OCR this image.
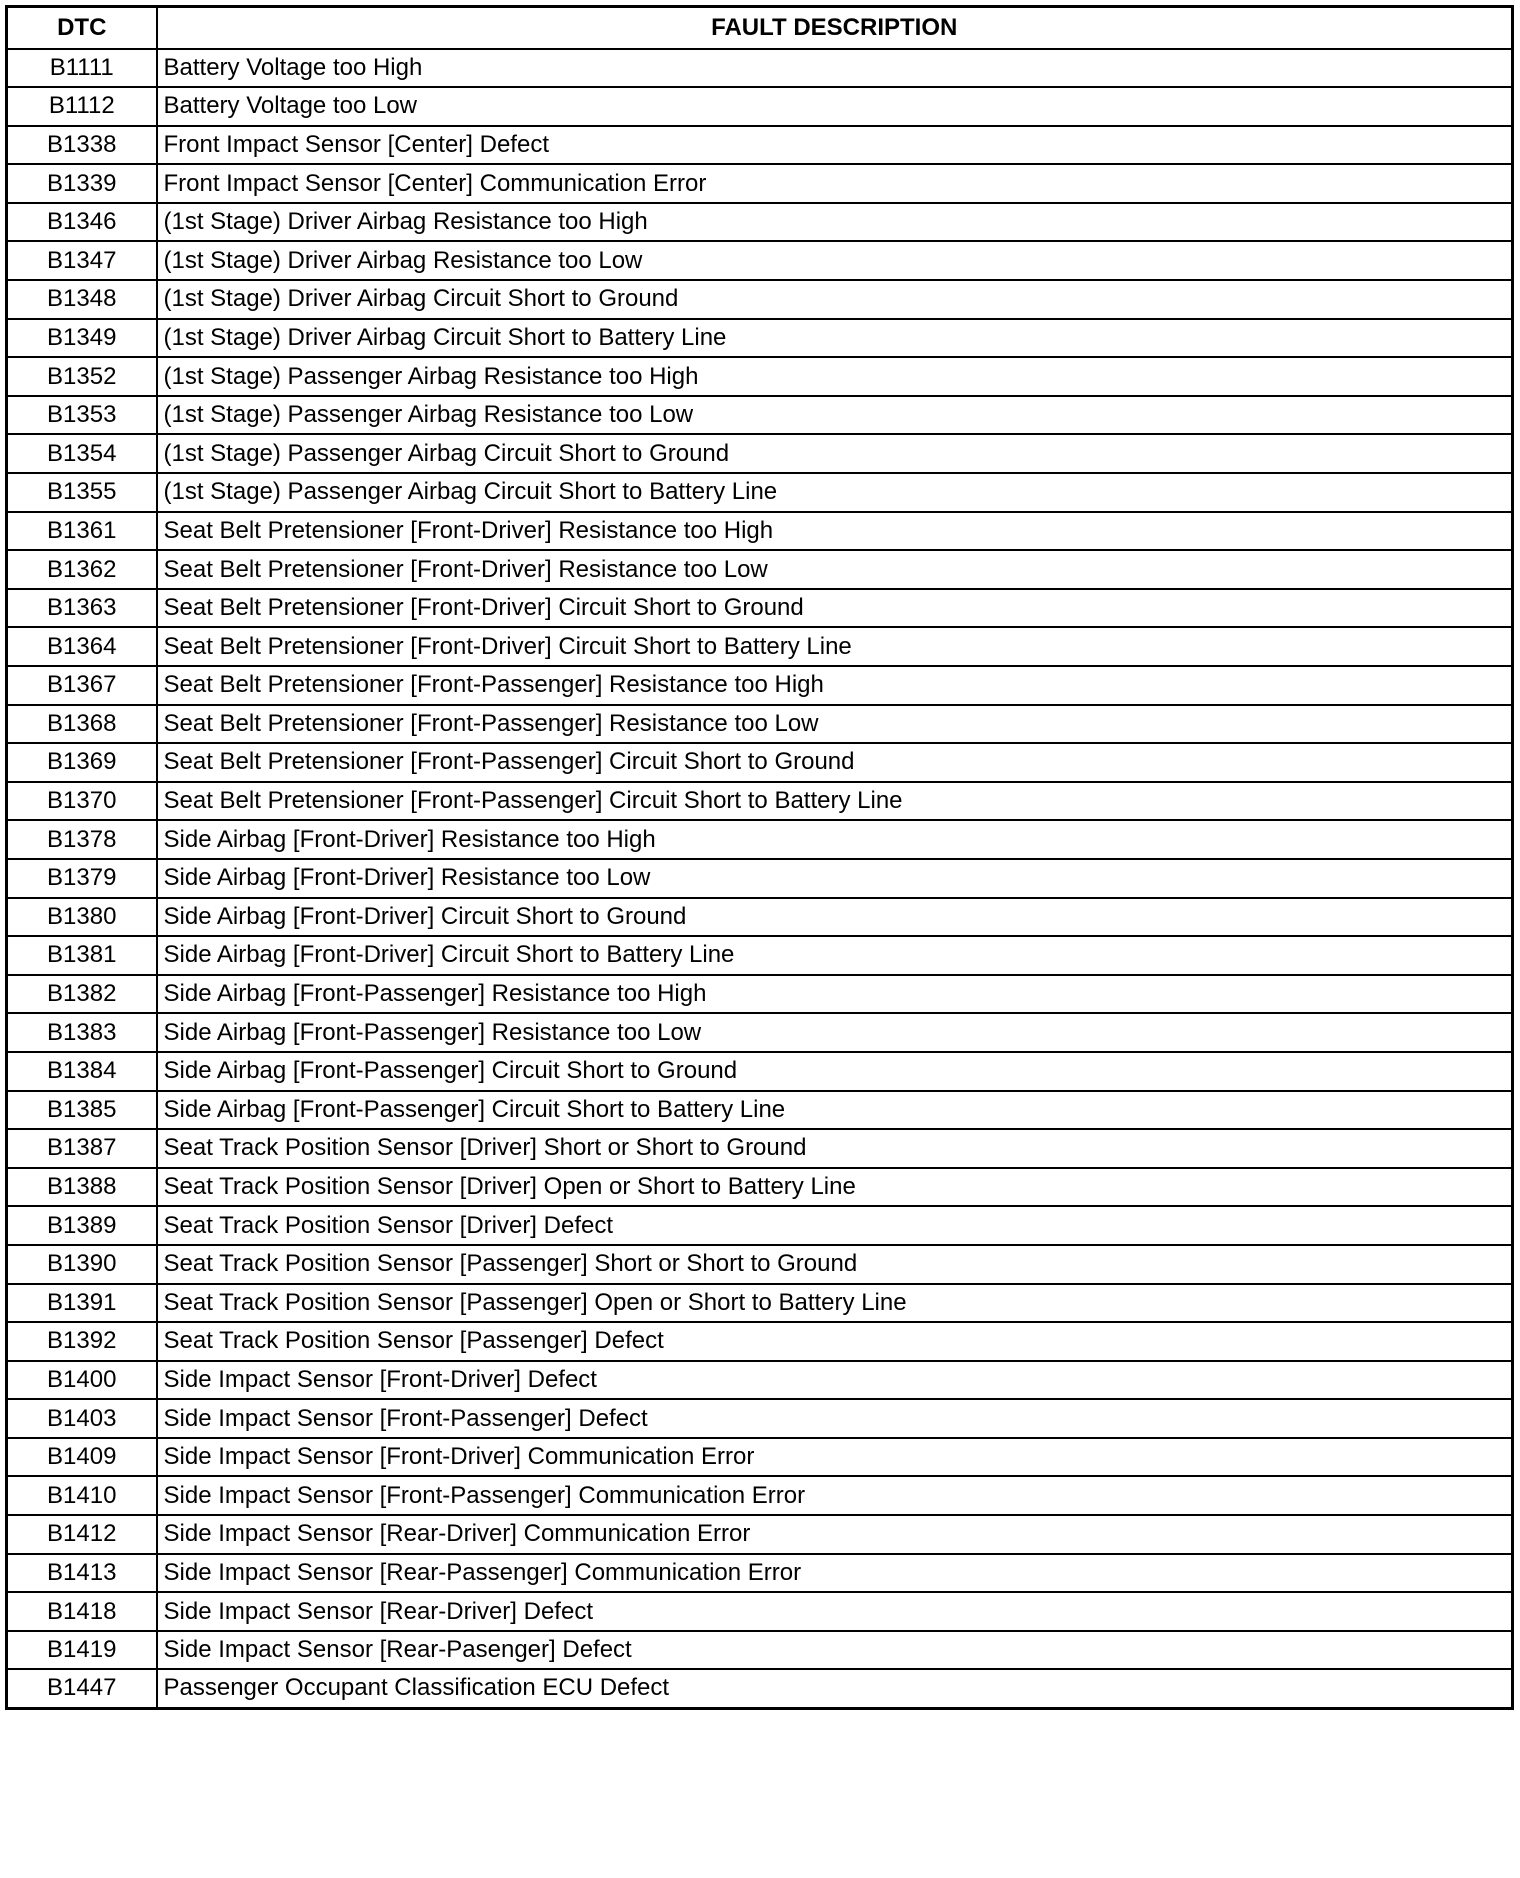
DTC	FAULT DESCRIPTION
B1111	Battery Voltage too High
B1112	Battery Voltage too Low
B1338	Front Impact Sensor [Center] Defect
B1339	Front Impact Sensor [Center] Communication Error
B1346	(1st Stage) Driver Airbag Resistance too High
B1347	(1st Stage) Driver Airbag Resistance too Low
B1348	(1st Stage) Driver Airbag Circuit Short to Ground
B1349	(1st Stage) Driver Airbag Circuit Short to Battery Line
B1352	(1st Stage) Passenger Airbag Resistance too High
B1353	(1st Stage) Passenger Airbag Resistance too Low
B1354	(1st Stage) Passenger Airbag Circuit Short to Ground
B1355	(1st Stage) Passenger Airbag Circuit Short to Battery Line
B1361	Seat Belt Pretensioner [Front-Driver] Resistance too High
B1362	Seat Belt Pretensioner [Front-Driver] Resistance too Low
B1363	Seat Belt Pretensioner [Front-Driver] Circuit Short to Ground
B1364	Seat Belt Pretensioner [Front-Driver] Circuit Short to Battery Line
B1367	Seat Belt Pretensioner [Front-Passenger] Resistance too High
B1368	Seat Belt Pretensioner [Front-Passenger] Resistance too Low
B1369	Seat Belt Pretensioner [Front-Passenger] Circuit Short to Ground
B1370	Seat Belt Pretensioner [Front-Passenger] Circuit Short to Battery Line
B1378	Side Airbag [Front-Driver] Resistance too High
B1379	Side Airbag [Front-Driver] Resistance too Low
B1380	Side Airbag [Front-Driver] Circuit Short to Ground
B1381	Side Airbag [Front-Driver] Circuit Short to Battery Line
B1382	Side Airbag [Front-Passenger] Resistance too High
B1383	Side Airbag [Front-Passenger] Resistance too Low
B1384	Side Airbag [Front-Passenger] Circuit Short to Ground
B1385	Side Airbag [Front-Passenger] Circuit Short to Battery Line
B1387	Seat Track Position Sensor [Driver] Short or Short to Ground
B1388	Seat Track Position Sensor [Driver] Open or Short to Battery Line
B1389	Seat Track Position Sensor [Driver] Defect
B1390	Seat Track Position Sensor [Passenger] Short or Short to Ground
B1391	Seat Track Position Sensor [Passenger] Open or Short to Battery Line
B1392	Seat Track Position Sensor [Passenger] Defect
B1400	Side Impact Sensor [Front-Driver] Defect
B1403	Side Impact Sensor [Front-Passenger] Defect
B1409	Side Impact Sensor [Front-Driver] Communication Error
B1410	Side Impact Sensor [Front-Passenger] Communication Error
B1412	Side Impact Sensor [Rear-Driver] Communication Error
B1413	Side Impact Sensor [Rear-Passenger] Communication Error
B1418	Side Impact Sensor [Rear-Driver] Defect
B1419	Side Impact Sensor [Rear-Pasenger] Defect
B1447	Passenger Occupant Classification ECU Defect
